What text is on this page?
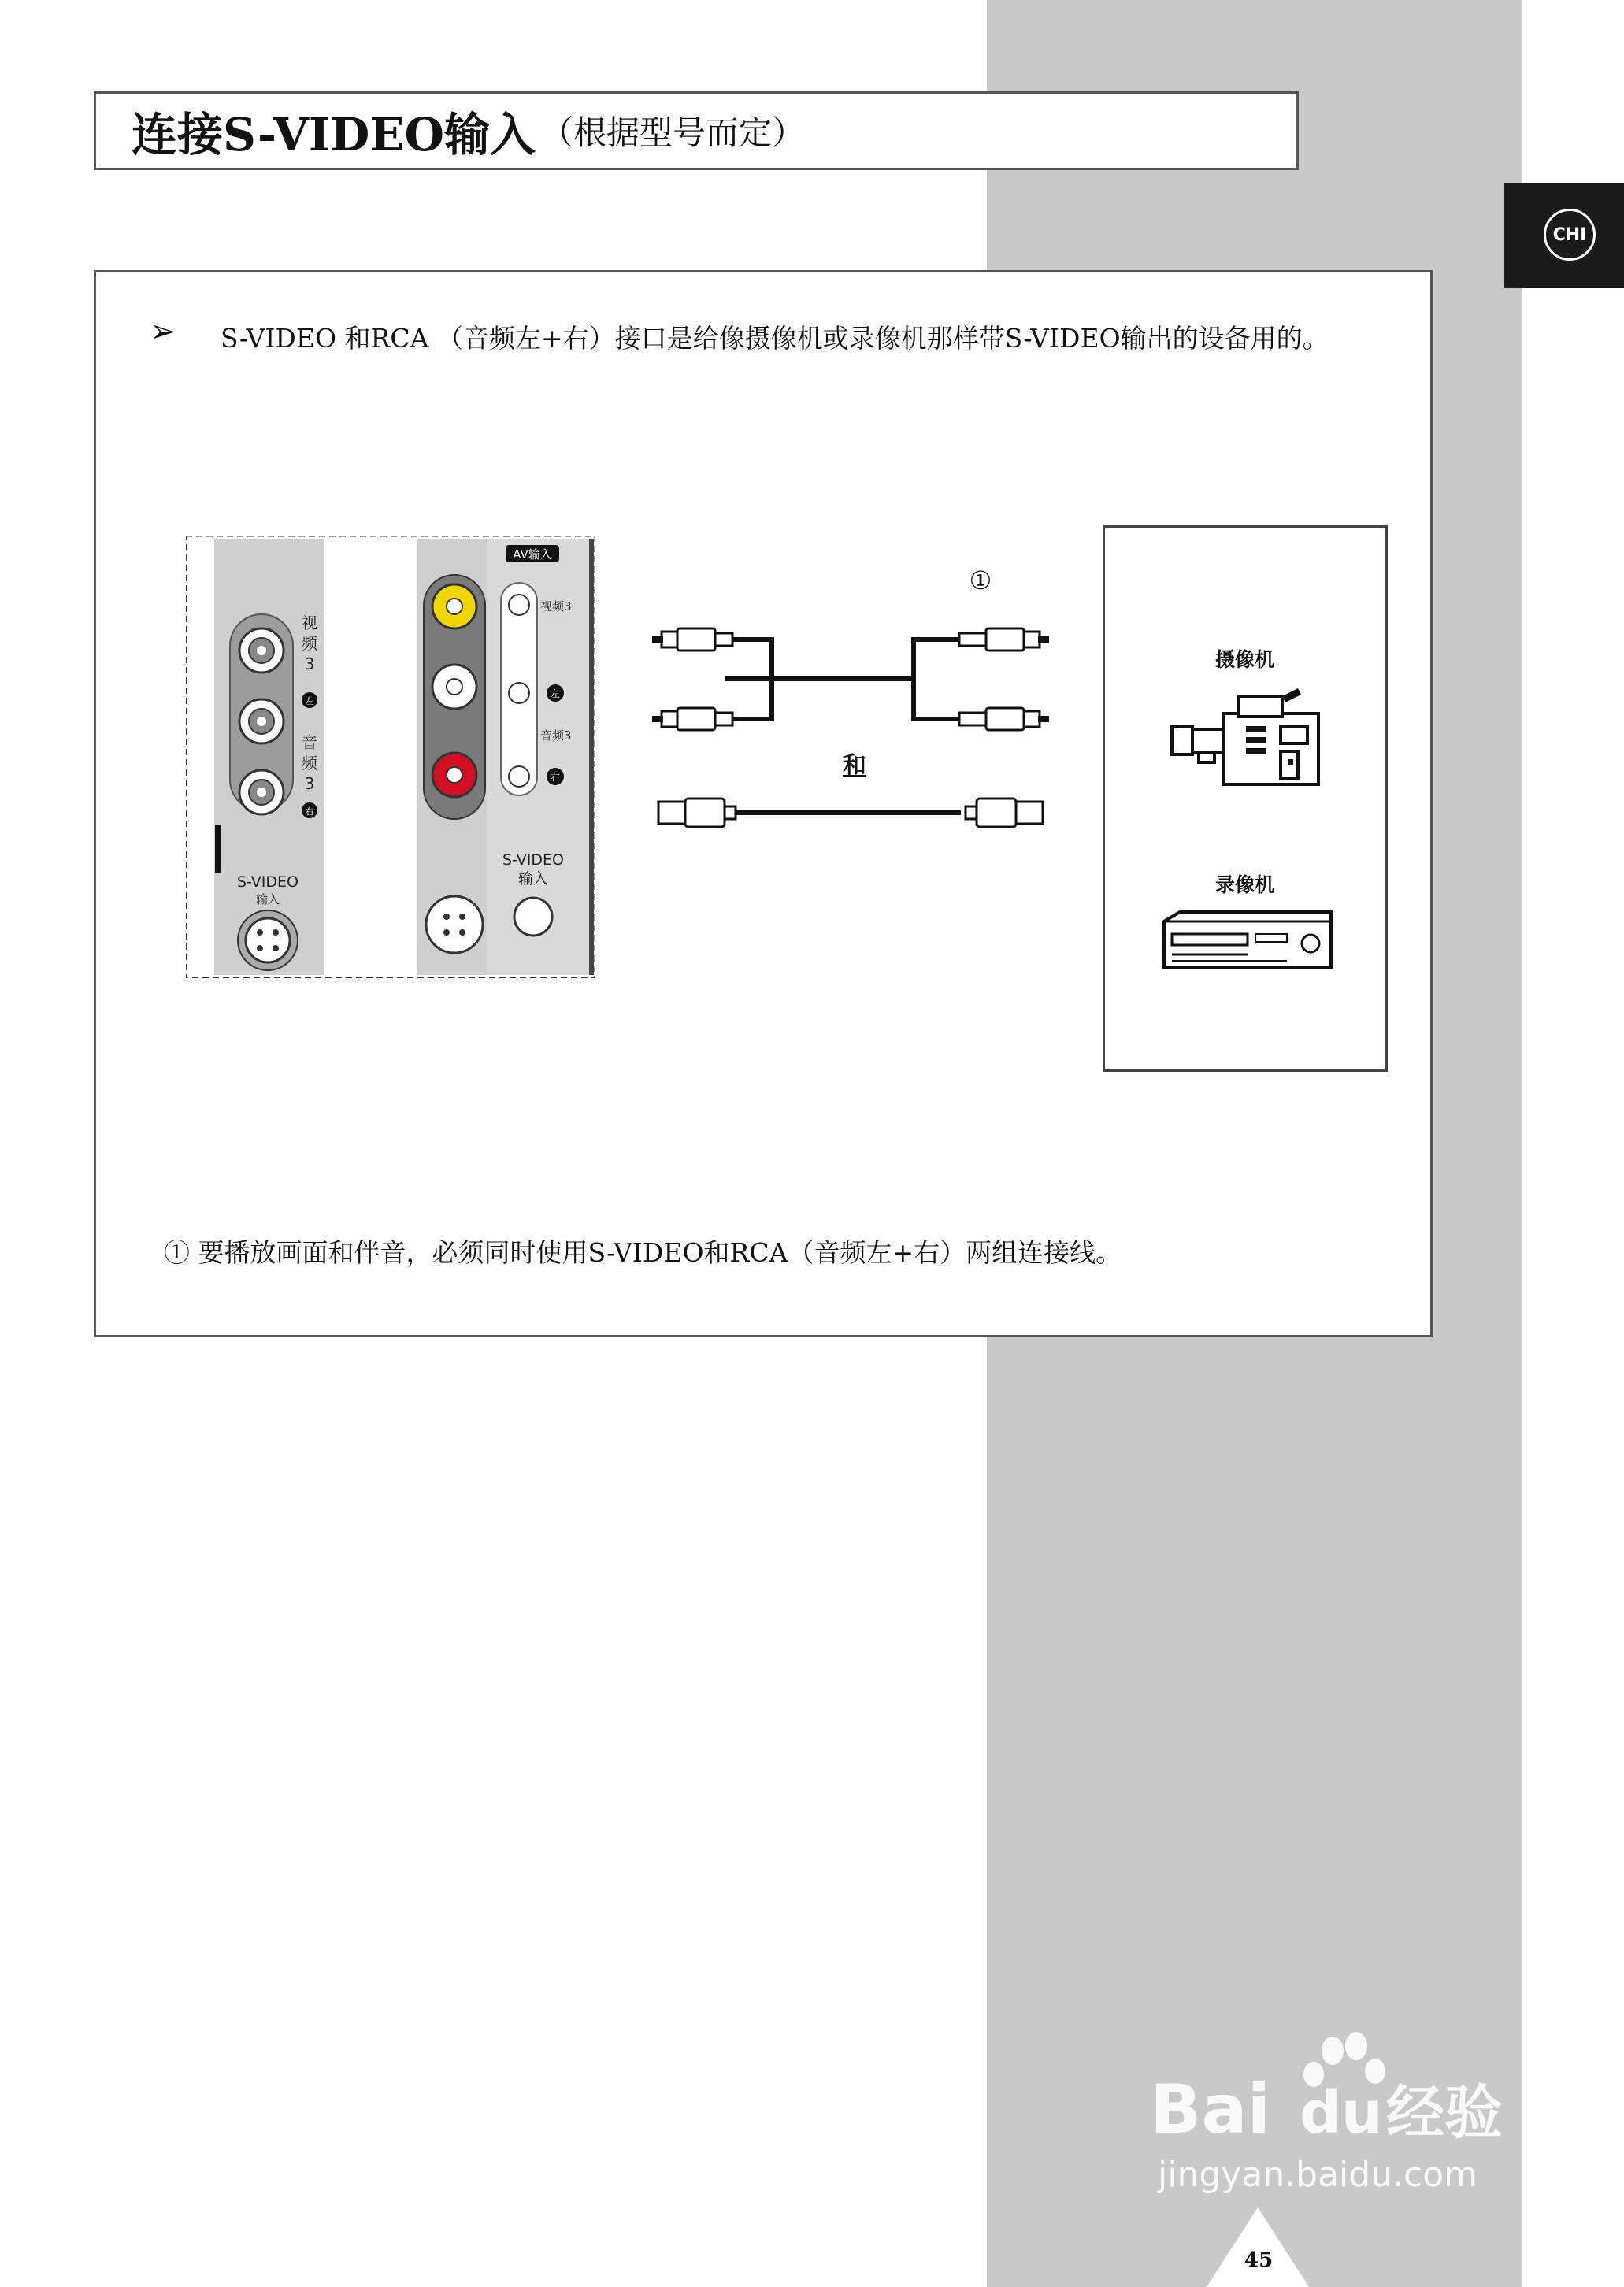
CHI
连接S-VIDEO输入 （根据型号而定）
➢ S-VIDEO 和RCA （音频左+右）接口是给像摄像机或录像机那样带S-VIDEO输出的设备用的。
视
频
3
音
频
3
左
右
S-VIDEO
输入
AV输入
视频3
左
音频3
右
S-VIDEO
输入
①
和
摄像机
录像机
① 要播放画面和伴音，必须同时使用S-VIDEO和RCA（音频左+右）两组连接线。
Bai du 经验
jingyan.baidu.com
45
